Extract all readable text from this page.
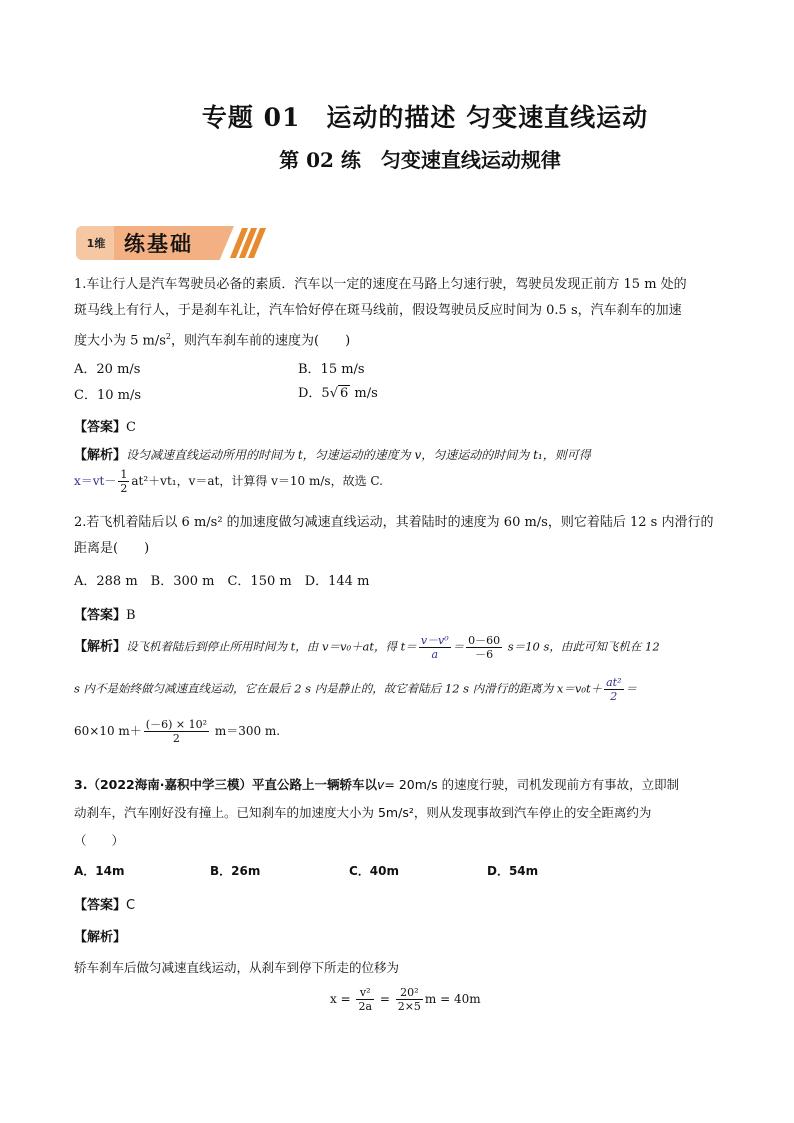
专题 01　运动的描述 匀变速直线运动
第 02 练　匀变速直线运动规律
1维 练基础
1.车让行人是汽车驾驶员必备的素质．汽车以一定的速度在马路上匀速行驶，驾驶员发现正前方 15 m 处的
斑马线上有行人，于是刹车礼让，汽车恰好停在斑马线前，假设驾驶员反应时间为 0.5 s，汽车刹车的加速
度大小为 5 $m/s^2$，则汽车刹车前的速度为(　　)
A．20 m/s	B．15 m/s
C．10 m/s	D．5√ 6 m/s
【答案】C
【解析】设匀减速直线运动所用的时间为 t，匀速运动的速度为 v，匀速运动的时间为 t₁，则可得
$x=vt- \frac{1}{2} at^2+vt_1$，v＝at，计算得 v＝10 m/s，故选 C.
2.若飞机着陆后以 6 m/s² 的加速度做匀减速直线运动，其着陆时的速度为 60 m/s，则它着陆后 12 s 内滑行的
距离是(　　)
A．288 m　B．300 m　C．150 m　D．144 m
【答案】B
【解析】设飞机着陆后到停止所用时间为 t，由 v＝v₀＋at，得 $t= \frac{\text{v－v⁰}}{a} = \frac{0-60}{-6} s=10$ s，由此可知飞机在 12
s 内不是始终做匀减速直线运动，它在最后 2 s 内是静止的，故它着陆后 12 s 内滑行的距离为 $x=v_0t+ \frac{\text{at²}}{2}$ ＝
60×10 $m+ \frac{\text{(－6) × 10²}}{2} m=300$ m.
3.（2022海南·嘉积中学三模）平直公路上一辆轿车以v= 20m/s 的速度行驶，司机发现前方有事故，立即制
动刹车，汽车刚好没有撞上。已知刹车的加速度大小为 5m/s²，则从发现事故到汽车停止的安全距离约为
（　　）
A．14m	B．26m	C．40m	D．54m
【答案】C
【解析】
轿车刹车后做匀减速直线运动，从刹车到停下所走的位移为
$x = \frac{\text{v²}}{2a} = \frac{\text{20²}}{2\times 5}$ m = 40m
